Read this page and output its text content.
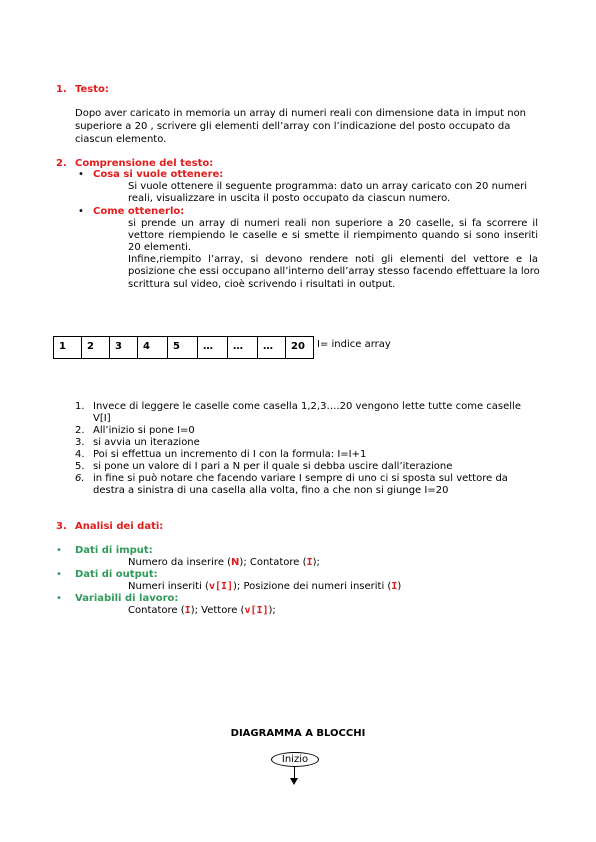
1. Testo:
Dopo aver caricato in memoria un array di numeri reali con dimensione data in imput non
superiore a 20 , scrivere gli elementi dell’array con l’indicazione del posto occupato da
ciascun elemento.
2. Comprensione del testo:
• Cosa si vuole ottenere:
Si vuole ottenere il seguente programma: dato un array caricato con 20 numeri
reali, visualizzare in uscita il posto occupato da ciascun numero.
• Come ottenerlo:
si prende un array di numeri reali non superiore a 20 caselle, si fa scorrere il
vettore riempiendo le caselle e si smette il riempimento quando si sono inseriti
20 elementi.
Infine,riempito l’array, si devono rendere noti gli elementi del vettore e la
posizione che essi occupano all’interno dell’array stesso facendo effettuare la loro
scrittura sul video, cioè scrivendo i risultati in output.
1	2	3	4	5	…	…	…	20 I= indice array
1. Invece di leggere le caselle come casella 1,2,3….20 vengono lette tutte come caselle
V[I]
2. All’inizio si pone I=0
3. si avvia un iterazione
4. Poi si effettua un incremento di I con la formula: I=I+1
5. si pone un valore di I pari a N per il quale si debba uscire dall’iterazione
6. in fine si può notare che facendo variare I sempre di uno ci si sposta sul vettore da
destra a sinistra di una casella alla volta, fino a che non si giunge I=20
3. Analisi dei dati:
• Dati di imput:
Numero da inserire (N); Contatore (I);
• Dati di output:
Numeri inseriti (v[I]); Posizione dei numeri inseriti (I)
• Variabili di lavoro:
Contatore (I); Vettore (v[I]);
DIAGRAMMA A BLOCCHI
Inizio
